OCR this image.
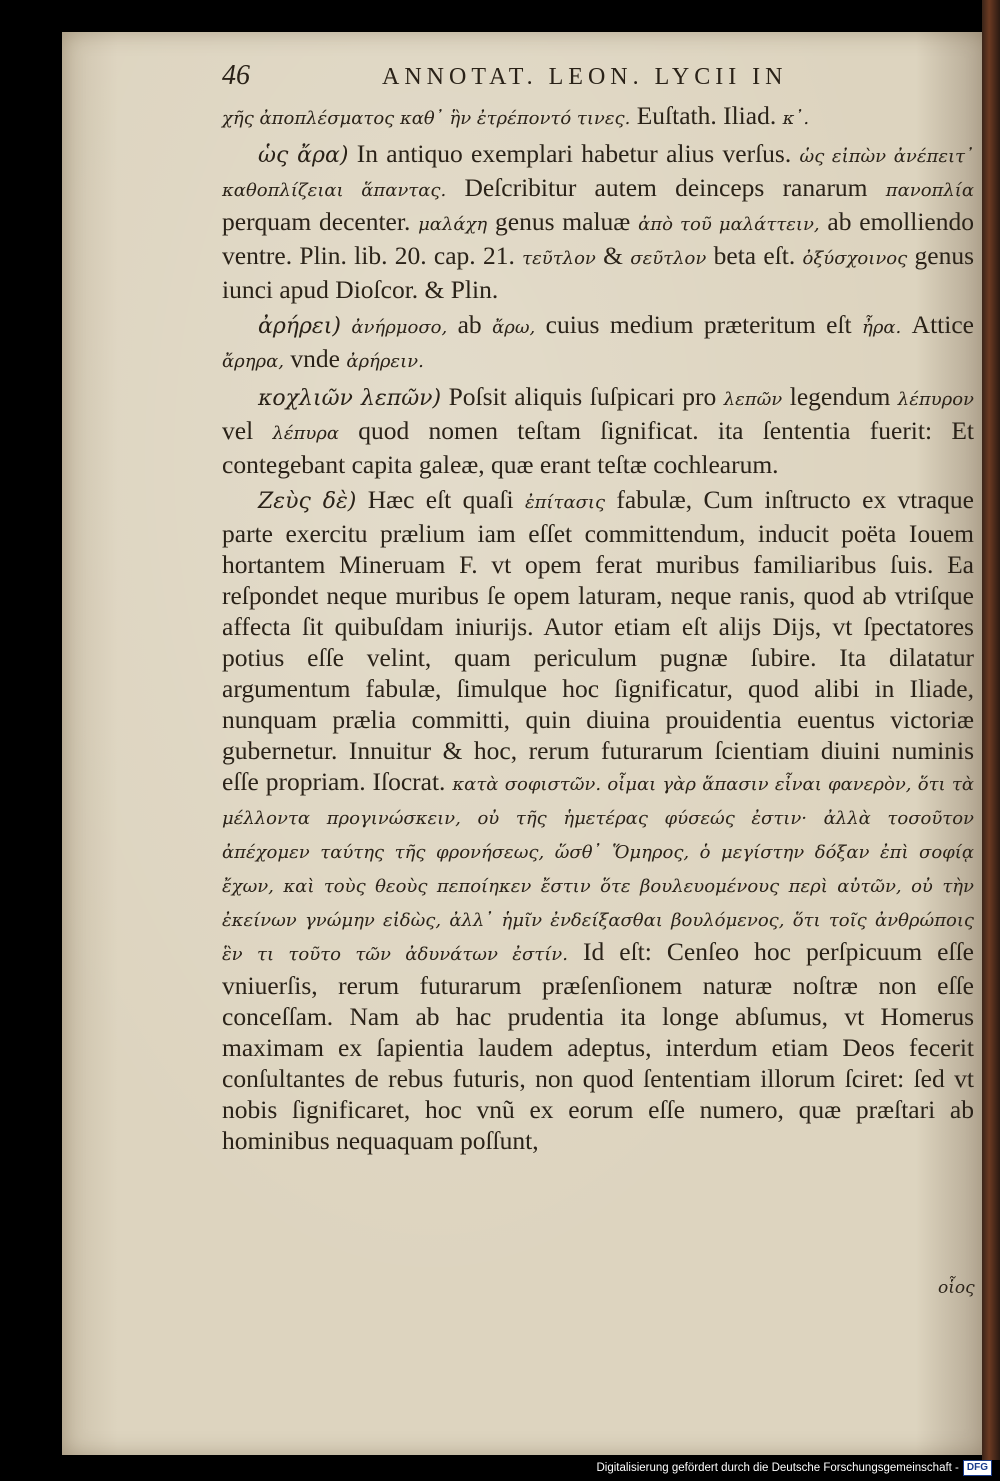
46	ANNOTAT. LEON. LYCII IN

χῆς ἀποπλέσματος καθ᾽ ἣν ἐτρέποντό τινες. Euſtath. Iliad. κ᾽.

ὡς ἄρα) In antiquo exemplari habetur alius verſus. ὡς εἰπὼν ἀνέπειτ᾽ καθοπλίζειαι ἅπαντας. Deſcribitur autem deinceps ranarum πανοπλία perquam decenter. μαλάχη genus maluæ ἀπὸ τοῦ μαλάττειν, ab emolliendo ventre. Plin. lib. 20. cap. 21. τεῦτλον & σεῦτλον beta eſt. ὀξύσχοινος genus iunci apud Dioſcor. & Plin.

ἀρήρει) ἀνήρμοσο, ab ἄρω, cuius medium præteritum eſt ἦρα. Attice ἄρηρα, vnde ἀρήρειν.

κοχλιῶν λεπῶν) Poſsit aliquis ſuſpicari pro λεπῶν legendum λέπυρον vel λέπυρα quod nomen teſtam ſignificat. ita ſententia fuerit: Et contegebant capita galeæ, quæ erant teſtæ cochlearum.

Ζεὺς δὲ) Hæc eſt quaſi ἐπίτασις fabulæ, Cum inſtructo ex vtraque parte exercitu prælium iam eſſet committendum, inducit poëta Iouem hortantem Mineruam F. vt opem ferat muribus familiaribus ſuis. Ea reſpondet neque muribus ſe opem laturam, neque ranis, quod ab vtriſque affecta ſit quibuſdam iniurijs. Autor etiam eſt alijs Dijs, vt ſpectatores potius eſſe velint, quam periculum pugnæ ſubire. Ita dilatatur argumentum fabulæ, ſimulque hoc ſignificatur, quod alibi in Iliade, nunquam prælia committi, quin diuina prouidentia euentus victoriæ gubernetur. Innuitur & hoc, rerum futurarum ſcientiam diuini numinis eſſe propriam. Iſocrat. κατὰ σοφιστῶν. οἶμαι γὰρ ἅπασιν εἶναι φανερὸν, ὅτι τὰ μέλλοντα προγινώσκειν, οὐ τῆς ἡμετέρας φύσεώς ἐστιν· ἀλλὰ τοσοῦτον ἀπέχομεν ταύτης τῆς φρονήσεως, ὥσθ᾽ Ὅμηρος, ὁ μεγίστην δόξαν ἐπὶ σοφίᾳ ἔχων, καὶ τοὺς θεοὺς πεποίηκεν ἔστιν ὅτε βουλευομένους περὶ αὐτῶν, οὐ τὴν ἐκείνων γνώμην εἰδὼς, ἀλλ᾽ ἡμῖν ἐνδείξασθαι βουλόμενος, ὅτι τοῖς ἀνθρώποις ἓν τι τοῦτο τῶν ἀδυνάτων ἐστίν. Id eſt: Cenſeo hoc perſpicuum eſſe vniuerſis, rerum futurarum præſenſionem naturæ noſtræ non eſſe conceſſam. Nam ab hac prudentia ita longe abſumus, vt Homerus maximam ex ſapientia laudem adeptus, interdum etiam Deos fecerit conſultantes de rebus futuris, non quod ſententiam illorum ſciret: ſed vt nobis ſignificaret, hoc vnũ ex eorum eſſe numero, quæ præſtari ab hominibus nequaquam poſſunt,

οἷος
Digitalisierung gefördert durch die Deutsche Forschungsgemeinschaft - DFG
